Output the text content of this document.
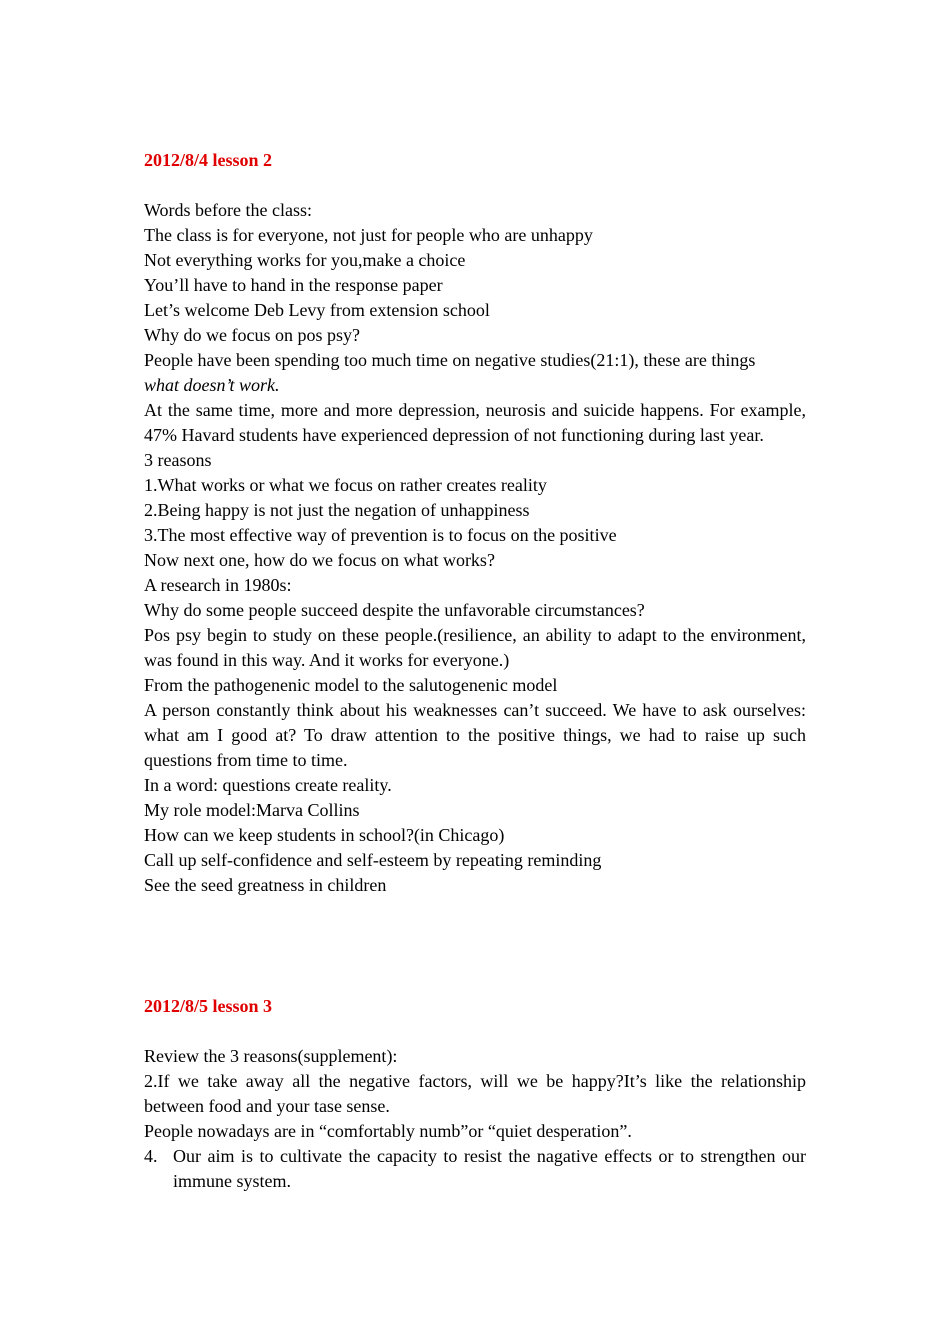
2012/8/4 lesson 2

Words before the class:

The class is for everyone, not just for people who are unhappy

Not everything works for you,make a choice

You’ll have to hand in the response paper

Let’s welcome Deb Levy from extension school

Why do we focus on pos psy?

People have been spending too much time on negative studies(21:1), these are things
what doesn’t work.

At the same time, more and more depression, neurosis and suicide happens. For example, 47% Havard students have experienced depression of not functioning during last year.

3 reasons

1.What works or what we focus on rather creates reality

2.Being happy is not just the negation of unhappiness

3.The most effective way of prevention is to focus on the positive

Now next one, how do we focus on what works?

A research in 1980s:

Why do some people succeed despite the unfavorable circumstances?

Pos psy begin to study on these people.(resilience, an ability to adapt to the environment, was found in this way. And it works for everyone.)

From the pathogenenic model to the salutogenenic model

A person constantly think about his weaknesses can’t succeed. We have to ask ourselves: what am I good at? To draw attention to the positive things, we had to raise up such questions from time to time.

In a word: questions create reality.

My role model:Marva Collins

How can we keep students in school?(in Chicago)

Call up self-confidence and self-esteem by repeating reminding

See the seed greatness in children

2012/8/5 lesson 3

Review the 3 reasons(supplement):

2.If we take away all the negative factors, will we be happy?It’s like the relationship between food and your tase sense.

People nowadays are in “comfortably numb”or “quiet desperation”.

4. Our aim is to cultivate the capacity to resist the nagative effects or to strengthen our immune system.
